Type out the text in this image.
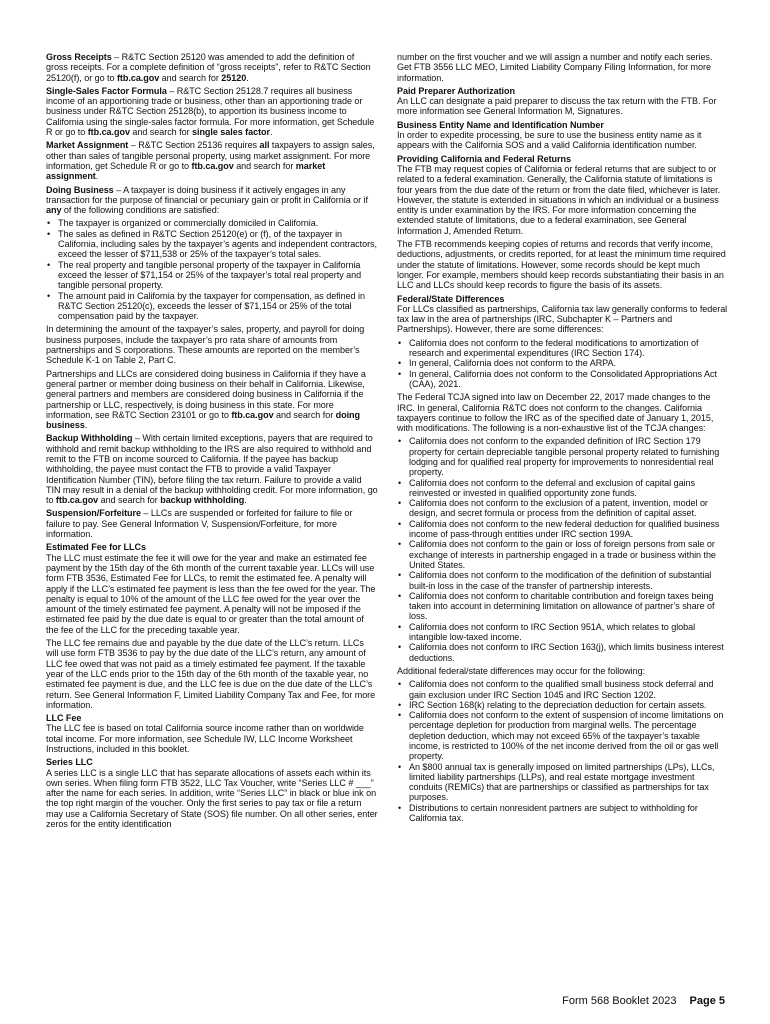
Gross Receipts – R&TC Section 25120 was amended to add the definition of gross receipts. For a complete definition of “gross receipts”, refer to R&TC Section 25120(f), or go to ftb.ca.gov and search for 25120.

Single-Sales Factor Formula – R&TC Section 25128.7 requires all business income of an apportioning trade or business, other than an apportioning trade or business under R&TC Section 25128(b), to apportion its business income to California using the single-sales factor formula. For more information, get Schedule R or go to ftb.ca.gov and search for single sales factor.

Market Assignment – R&TC Section 25136 requires all taxpayers to assign sales, other than sales of tangible personal property, using market assignment. For more information, get Schedule R or go to ftb.ca.gov and search for market assignment.

Doing Business – A taxpayer is doing business if it actively engages in any transaction for the purpose of financial or pecuniary gain or profit in California or if any of the following conditions are satisfied:

• The taxpayer is organized or commercially domiciled in California.
• The sales as defined in R&TC Section 25120(e) or (f), of the taxpayer in California, including sales by the taxpayer’s agents and independent contractors, exceed the lesser of $711,538 or 25% of the taxpayer’s total sales.
• The real property and tangible personal property of the taxpayer in California exceed the lesser of $71,154 or 25% of the taxpayer’s total real property and tangible personal property.
• The amount paid in California by the taxpayer for compensation, as defined in R&TC Section 25120(c), exceeds the lesser of $71,154 or 25% of the total compensation paid by the taxpayer.

In determining the amount of the taxpayer’s sales, property, and payroll for doing business purposes, include the taxpayer’s pro rata share of amounts from partnerships and S corporations. These amounts are reported on the member’s Schedule K-1 on Table 2, Part C.

Partnerships and LLCs are considered doing business in California if they have a general partner or member doing business on their behalf in California. Likewise, general partners and members are considered doing business in California if the partnership or LLC, respectively, is doing business in this state. For more information, see R&TC Section 23101 or go to ftb.ca.gov and search for doing business.

Backup Withholding – With certain limited exceptions, payers that are required to withhold and remit backup withholding to the IRS are also required to withhold and remit to the FTB on income sourced to California. If the payee has backup withholding, the payee must contact the FTB to provide a valid Taxpayer Identification Number (TIN), before filing the tax return. Failure to provide a valid TIN may result in a denial of the backup withholding credit. For more information, go to ftb.ca.gov and search for backup withholding.

Suspension/Forfeiture – LLCs are suspended or forfeited for failure to file or failure to pay. See General Information V, Suspension/Forfeiture, for more information.

Estimated Fee for LLCs

The LLC must estimate the fee it will owe for the year and make an estimated fee payment by the 15th day of the 6th month of the current taxable year. LLCs will use form FTB 3536, Estimated Fee for LLCs, to remit the estimated fee. A penalty will apply if the LLC’s estimated fee payment is less than the fee owed for the year. The penalty is equal to 10% of the amount of the LLC fee owed for the year over the amount of the timely estimated fee payment. A penalty will not be imposed if the estimated fee paid by the due date is equal to or greater than the total amount of the fee of the LLC for the preceding taxable year.

The LLC fee remains due and payable by the due date of the LLC’s return. LLCs will use form FTB 3536 to pay by the due date of the LLC’s return, any amount of LLC fee owed that was not paid as a timely estimated fee payment. If the taxable year of the LLC ends prior to the 15th day of the 6th month of the taxable year, no estimated fee payment is due, and the LLC fee is due on the due date of the LLC’s return. See General Information F, Limited Liability Company Tax and Fee, for more information.

LLC Fee

The LLC fee is based on total California source income rather than on worldwide total income. For more information, see Schedule IW, LLC Income Worksheet Instructions, included in this booklet.

Series LLC

A series LLC is a single LLC that has separate allocations of assets each within its own series. When filing form FTB 3522, LLC Tax Voucher, write “Series LLC # ___” after the name for each series. In addition, write “Series LLC” in black or blue ink on the top right margin of the voucher. Only the first series to pay tax or file a return may use a California Secretary of State (SOS) file number. On all other series, enter zeros for the entity identification

number on the first voucher and we will assign a number and notify each series. Get FTB 3556 LLC MEO, Limited Liability Company Filing Information, for more information.

Paid Preparer Authorization

An LLC can designate a paid preparer to discuss the tax return with the FTB. For more information see General Information M, Signatures.

Business Entity Name and Identification Number

In order to expedite processing, be sure to use the business entity name as it appears with the California SOS and a valid California identification number.

Providing California and Federal Returns

The FTB may request copies of California or federal returns that are subject to or related to a federal examination. Generally, the California statute of limitations is four years from the due date of the return or from the date filed, whichever is later. However, the statute is extended in situations in which an individual or a business entity is under examination by the IRS. For more information concerning the extended statute of limitations, due to a federal examination, see General Information J, Amended Return.

The FTB recommends keeping copies of returns and records that verify income, deductions, adjustments, or credits reported, for at least the minimum time required under the statute of limitations. However, some records should be kept much longer. For example, members should keep records substantiating their basis in an LLC and LLCs should keep records to figure the basis of its assets.

Federal/State Differences

For LLCs classified as partnerships, California tax law generally conforms to federal tax law in the area of partnerships (IRC, Subchapter K – Partners and Partnerships). However, there are some differences:

• California does not conform to the federal modifications to amortization of research and experimental expenditures (IRC Section 174).
• In general, California does not conform to the ARPA.
• In general, California does not conform to the Consolidated Appropriations Act (CAA), 2021.

The Federal TCJA signed into law on December 22, 2017 made changes to the IRC. In general, California R&TC does not conform to the changes. California taxpayers continue to follow the IRC as of the specified date of January 1, 2015, with modifications. The following is a non-exhaustive list of the TCJA changes:

• California does not conform to the expanded definition of IRC Section 179 property for certain depreciable tangible personal property related to furnishing lodging and for qualified real property for improvements to nonresidential real property.
• California does not conform to the deferral and exclusion of capital gains reinvested or invested in qualified opportunity zone funds.
• California does not conform to the exclusion of a patent, invention, model or design, and secret formula or process from the definition of capital asset.
• California does not conform to the new federal deduction for qualified business income of pass-through entities under IRC section 199A.
• California does not conform to the gain or loss of foreign persons from sale or exchange of interests in partnership engaged in a trade or business within the United States.
• California does not conform to the modification of the definition of substantial built-in loss in the case of the transfer of partnership interests.
• California does not conform to charitable contribution and foreign taxes being taken into account in determining limitation on allowance of partner’s share of loss.
• California does not conform to IRC Section 951A, which relates to global intangible low-taxed income.
• California does not conform to IRC Section 163(j), which limits business interest deductions.

Additional federal/state differences may occur for the following:

• California does not conform to the qualified small business stock deferral and gain exclusion under IRC Section 1045 and IRC Section 1202.
• IRC Section 168(k) relating to the depreciation deduction for certain assets.
• California does not conform to the extent of suspension of income limitations on percentage depletion for production from marginal wells. The percentage depletion deduction, which may not exceed 65% of the taxpayer’s taxable income, is restricted to 100% of the net income derived from the oil or gas well property.
• An $800 annual tax is generally imposed on limited partnerships (LPs), LLCs, limited liability partnerships (LLPs), and real estate mortgage investment conduits (REMICs) that are partnerships or classified as partnerships for tax purposes.
• Distributions to certain nonresident partners are subject to withholding for California tax.
Form 568 Booklet 2023 Page 5
